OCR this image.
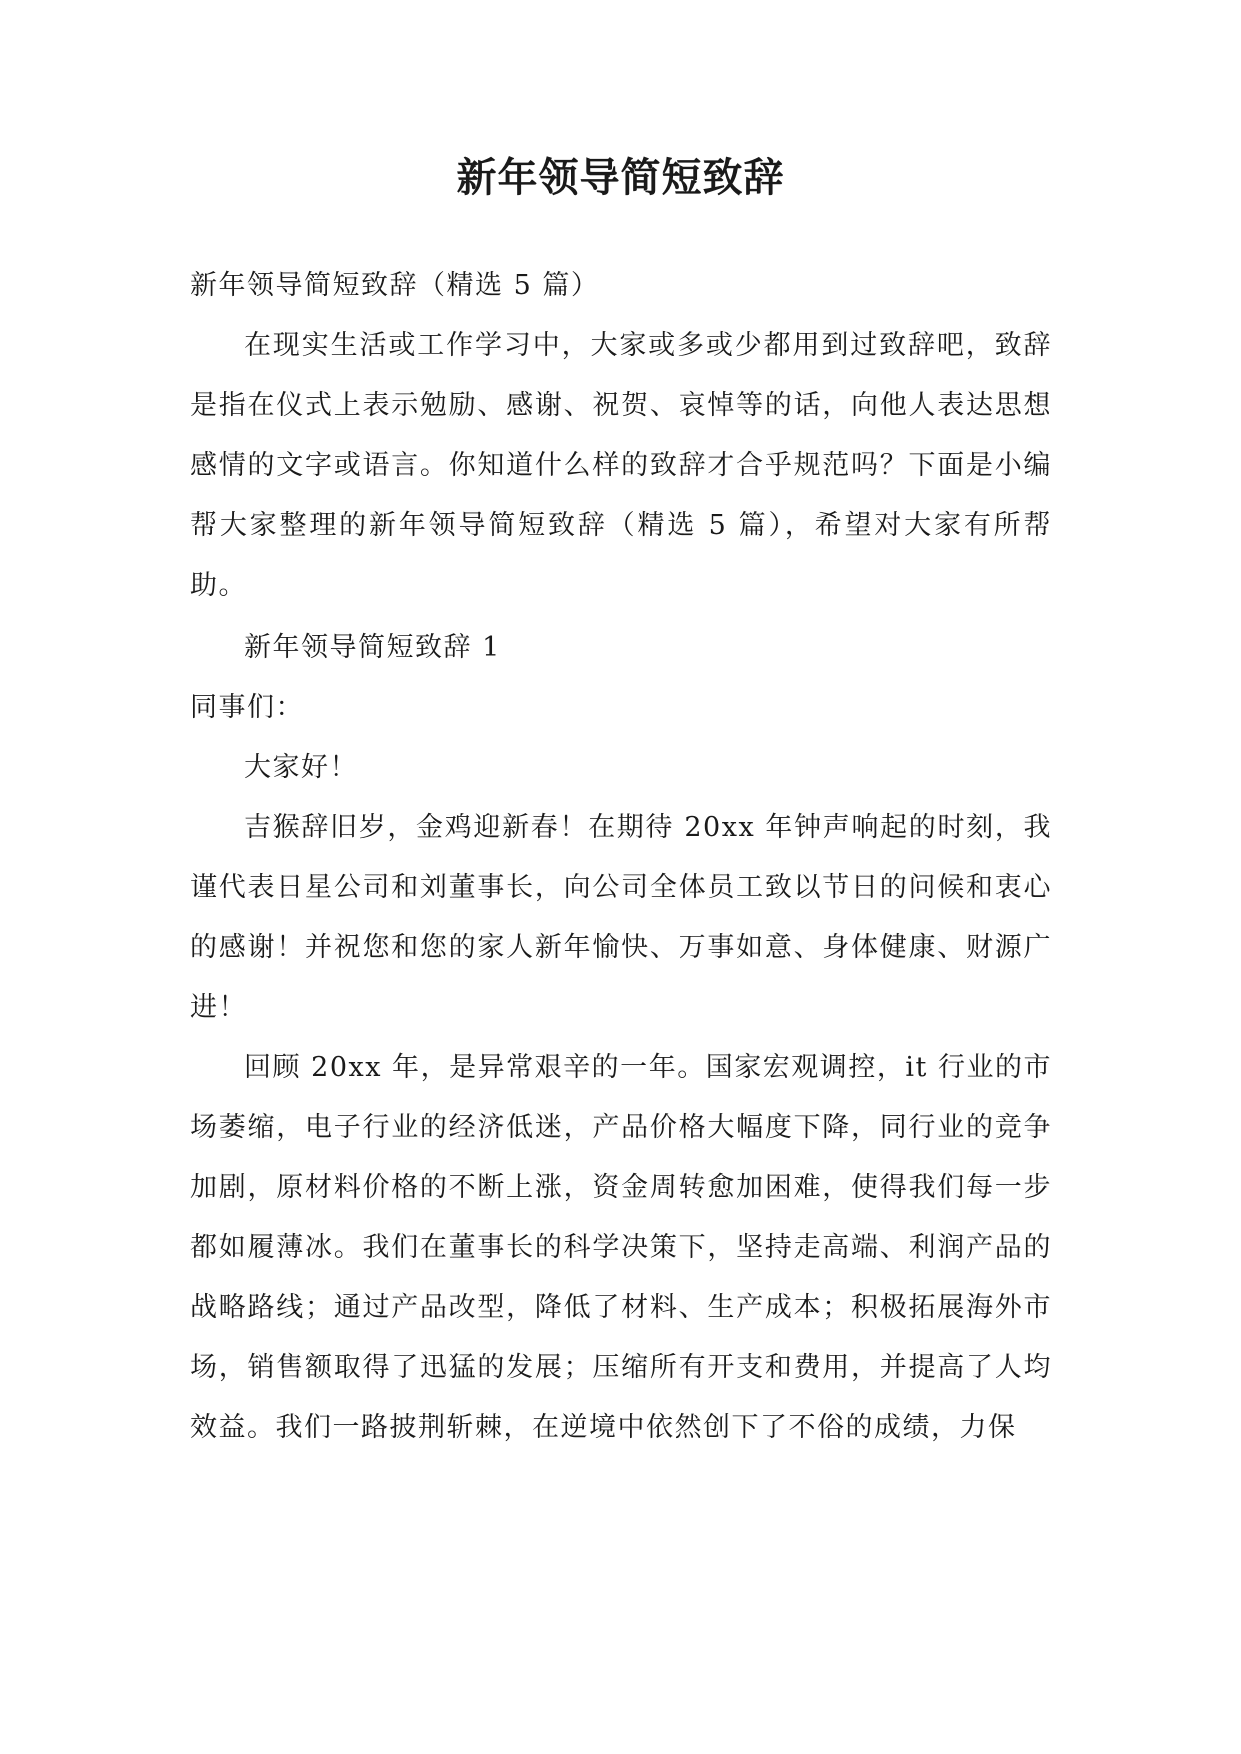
新年领导简短致辞

新年领导简短致辞（精选 5 篇）

在现实生活或工作学习中，大家或多或少都用到过致辞吧，致辞是指在仪式上表示勉励、感谢、祝贺、哀悼等的话，向他人表达思想感情的文字或语言。你知道什么样的致辞才合乎规范吗？下面是小编帮大家整理的新年领导简短致辞（精选 5 篇），希望对大家有所帮助。

新年领导简短致辞 1

同事们：

大家好！

吉猴辞旧岁，金鸡迎新春！在期待 20xx 年钟声响起的时刻，我谨代表日星公司和刘董事长，向公司全体员工致以节日的问候和衷心的感谢！并祝您和您的家人新年愉快、万事如意、身体健康、财源广进！

回顾 20xx 年，是异常艰辛的一年。国家宏观调控，it 行业的市场萎缩，电子行业的经济低迷，产品价格大幅度下降，同行业的竞争加剧，原材料价格的不断上涨，资金周转愈加困难，使得我们每一步都如履薄冰。我们在董事长的科学决策下，坚持走高端、利润产品的战略路线；通过产品改型，降低了材料、生产成本；积极拓展海外市场，销售额取得了迅猛的发展；压缩所有开支和费用，并提高了人均效益。我们一路披荆斩棘，在逆境中依然创下了不俗的成绩，力保
